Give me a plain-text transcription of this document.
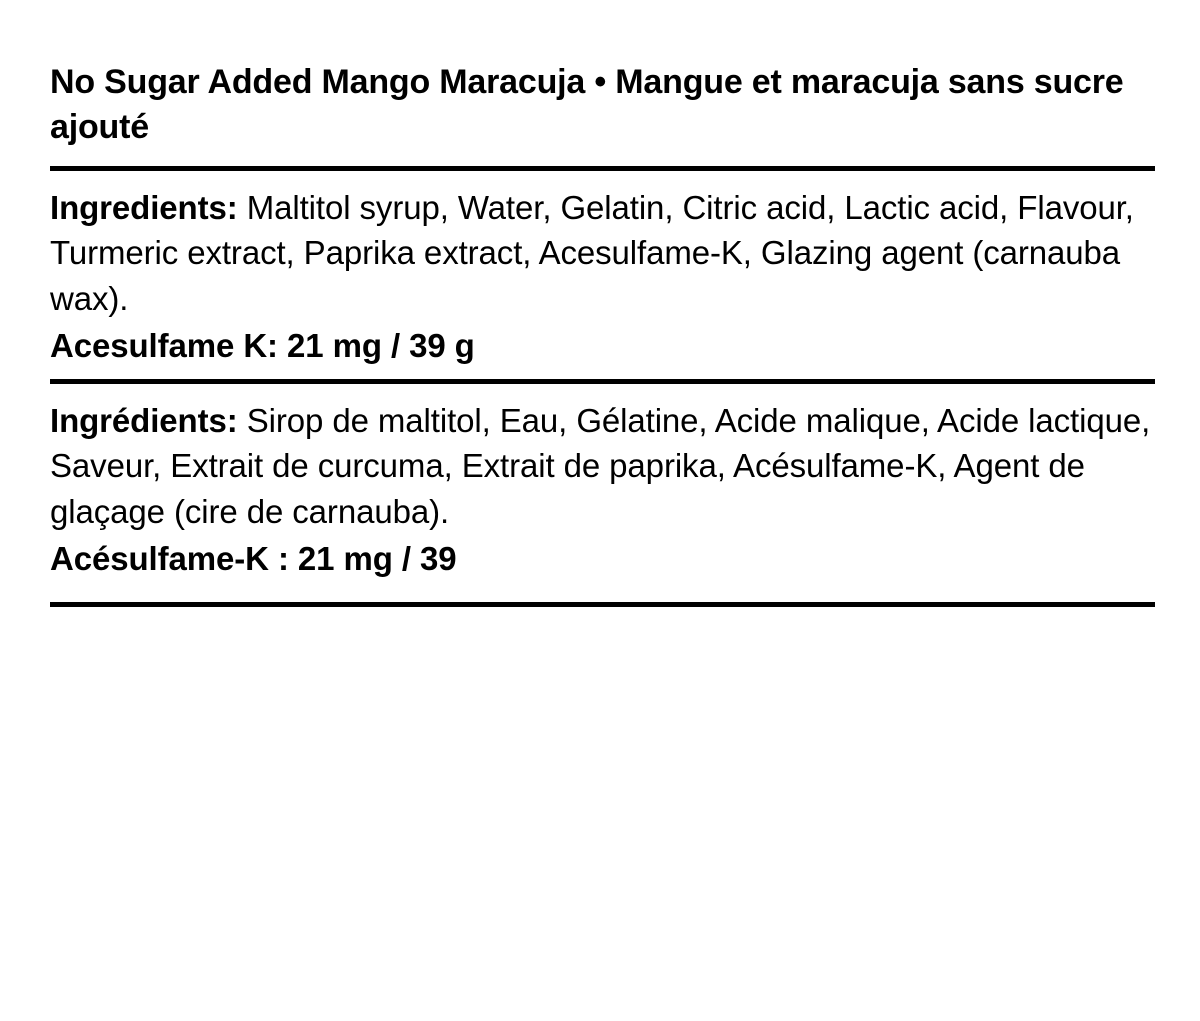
No Sugar Added Mango Maracuja • Mangue et maracuja sans sucre ajouté

Ingredients: Maltitol syrup, Water, Gelatin, Citric acid, Lactic acid, Flavour, Turmeric extract, Paprika extract, Acesulfame-K, Glazing agent (carnauba wax).

Acesulfame K: 21 mg / 39 g

Ingrédients: Sirop de maltitol, Eau, Gélatine, Acide malique, Acide lactique, Saveur, Extrait de curcuma, Extrait de paprika, Acésulfame-K, Agent de glaçage (cire de carnauba).

Acésulfame-K : 21 mg / 39
